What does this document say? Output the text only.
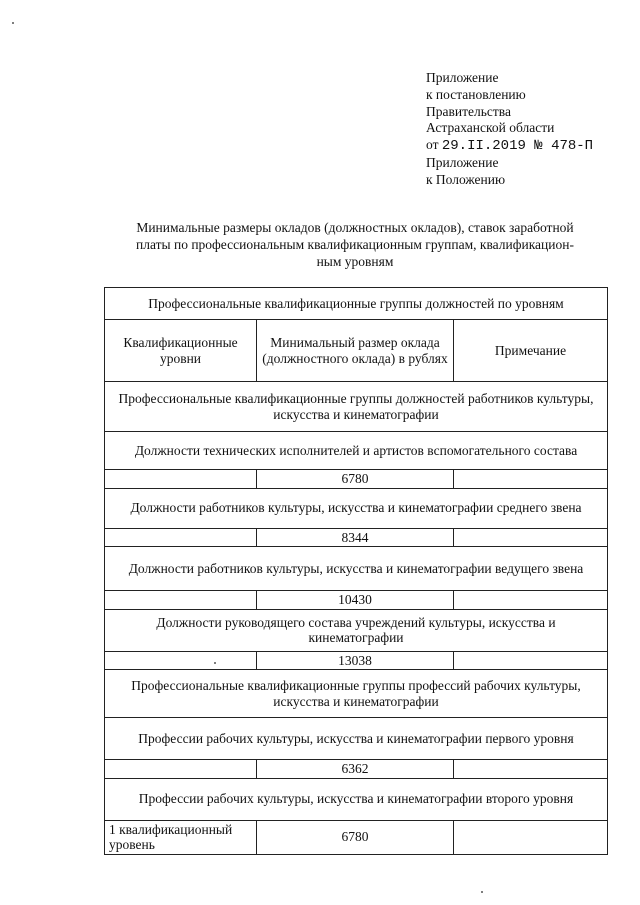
Приложение
к постановлению
Правительства
Астраханской области
от 29.II.2019 № 478-П
Приложение
к Положению
Минимальные размеры окладов (должностных окладов), ставок заработной
платы по профессиональным квалификационным группам, квалификацион-
ным уровням
Профессиональные квалификационные группы должностей по уровням		
Квалификационные уровни	Минимальный размер оклада (должностного оклада) в рублях	Примечание
Профессиональные квалификационные группы должностей работников культуры, искусства и кинематографии		
Должности технических исполнителей и артистов вспомогательного состава		
	6780	
Должности работников культуры, искусства и кинематографии среднего звена		
	8344	
Должности работников культуры, искусства и кинематографии ведущего звена		
	10430	
Должности руководящего состава учреждений культуры, искусства и кинематографии		
	13038	
Профессиональные квалификационные группы профессий рабочих культуры, искусства и кинематографии		
Профессии рабочих культуры, искусства и кинематографии первого уровня		
	6362	
Профессии рабочих культуры, искусства и кинематографии второго уровня		
1 квалификационный уровень	6780	
